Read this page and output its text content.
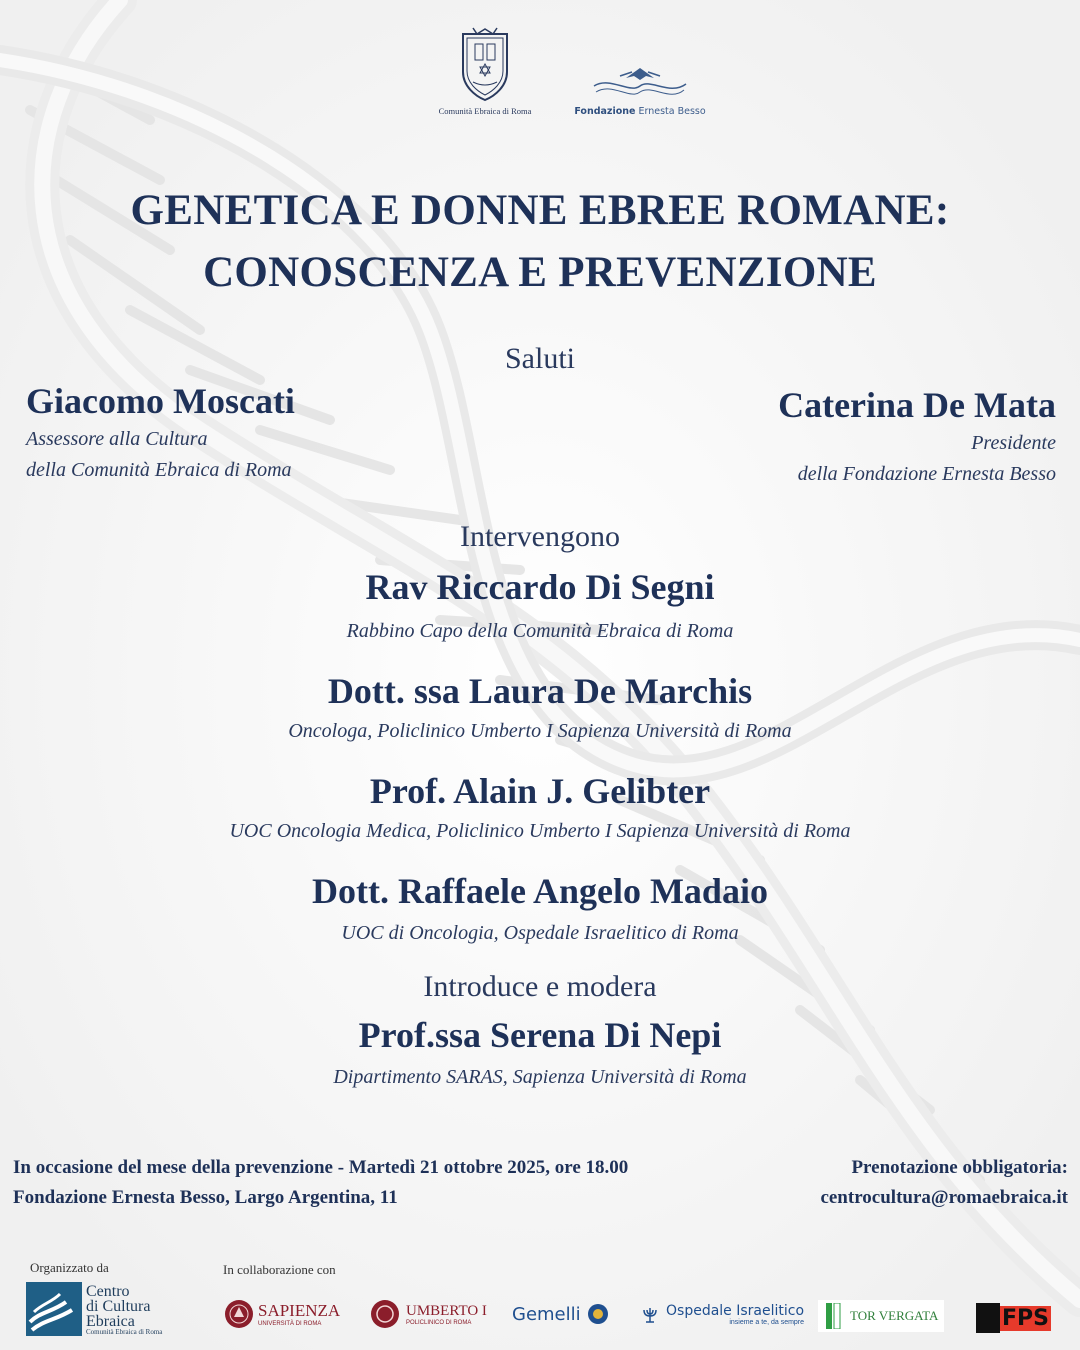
Comunità Ebraica di Roma	Fondazione Ernesta Besso
GENETICA E DONNE EBREE ROMANE:
CONOSCENZA E PREVENZIONE
Saluti
Giacomo Moscati
Assessore alla Cultura
della Comunità Ebraica di Roma
Caterina De Mata
Presidente
della Fondazione Ernesta Besso
Intervengono
Rav Riccardo Di Segni
Rabbino Capo della Comunità Ebraica di Roma
Dott. ssa Laura De Marchis
Oncologa, Policlinico Umberto I Sapienza Università di Roma
Prof. Alain J. Gelibter
UOC Oncologia Medica, Policlinico Umberto I Sapienza Università di Roma
Dott. Raffaele Angelo Madaio
UOC di Oncologia, Ospedale Israelitico di Roma
Introduce e modera
Prof.ssa Serena Di Nepi
Dipartimento SARAS, Sapienza Università di Roma
In occasione del mese della prevenzione - Martedì 21 ottobre 2025, ore 18.00
Fondazione Ernesta Besso, Largo Argentina, 11
Prenotazione obbligatoria:
centrocultura@romaebraica.it
Organizzato da
Centro
di Cultura
Ebraica
Comunità Ebraica di Roma
In collaborazione con
SAPIENZA
UNIVERSITÀ DI ROMA
UMBERTO I
POLICLINICO DI ROMA	Gemelli	Ospedale Israelitico
insieme a te, da sempre	TOR VERGATA	FPS
